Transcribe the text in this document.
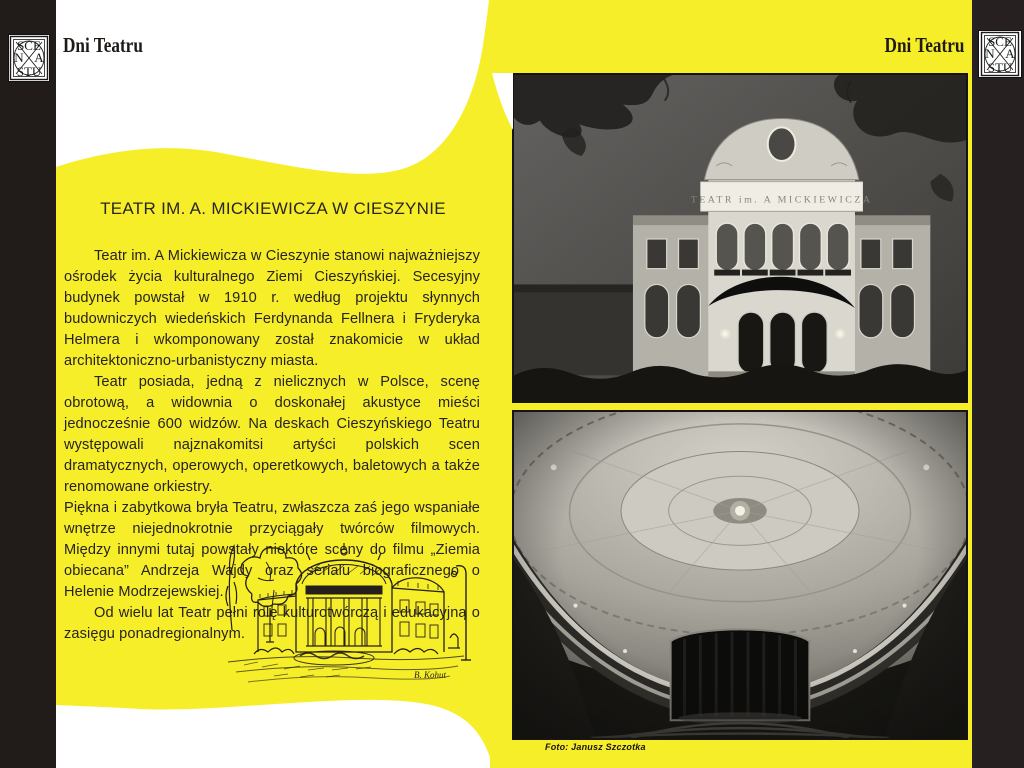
TEATR IM. A. MICKIEWICZA W CIESZYNIE

Teatr im. A Mickiewicza w Cieszynie stanowi najważniejszy ośrodek życia kulturalnego Ziemi Cieszyńskiej. Secesyjny budynek powstał w 1910 r. według projektu słynnych budowniczych wiedeńskich Ferdynanda Fellnera i Fryderyka Helmera i wkomponowany został znakomicie w układ architektoniczno-urbanistyczny miasta.

Teatr posiada, jedną z nielicznych w Polsce, scenę obrotową, a widownia o doskonałej akustyce mieści jednocześnie 600 widzów. Na deskach Cieszyńskiego Teatru występowali najznakomitsi artyści polskich scen dramatycznych, operowych, operetkowych, baletowych a także renomowane orkiestry.

Piękna i zabytkowa bryła Teatru, zwłaszcza zaś jego wspaniałe wnętrze niejednokrotnie przyciągały twórców filmowych. Między innymi tutaj powstały niektóre sceny do filmu „Ziemia obiecana” Andrzeja Wajdy oraz serialu biograficznego o Helenie Modrzejewskiej.

Od wielu lat Teatr pełni rolę kulturotwórczą i edukacyjną o zasięgu ponadregionalnym.

B. Kohut
Dni Teatru
TEATR im. A MICKIEWICZA
Foto: Janusz Szczotka
SCE
N A
STU
Dni Teatru	SCE
N A
STU
